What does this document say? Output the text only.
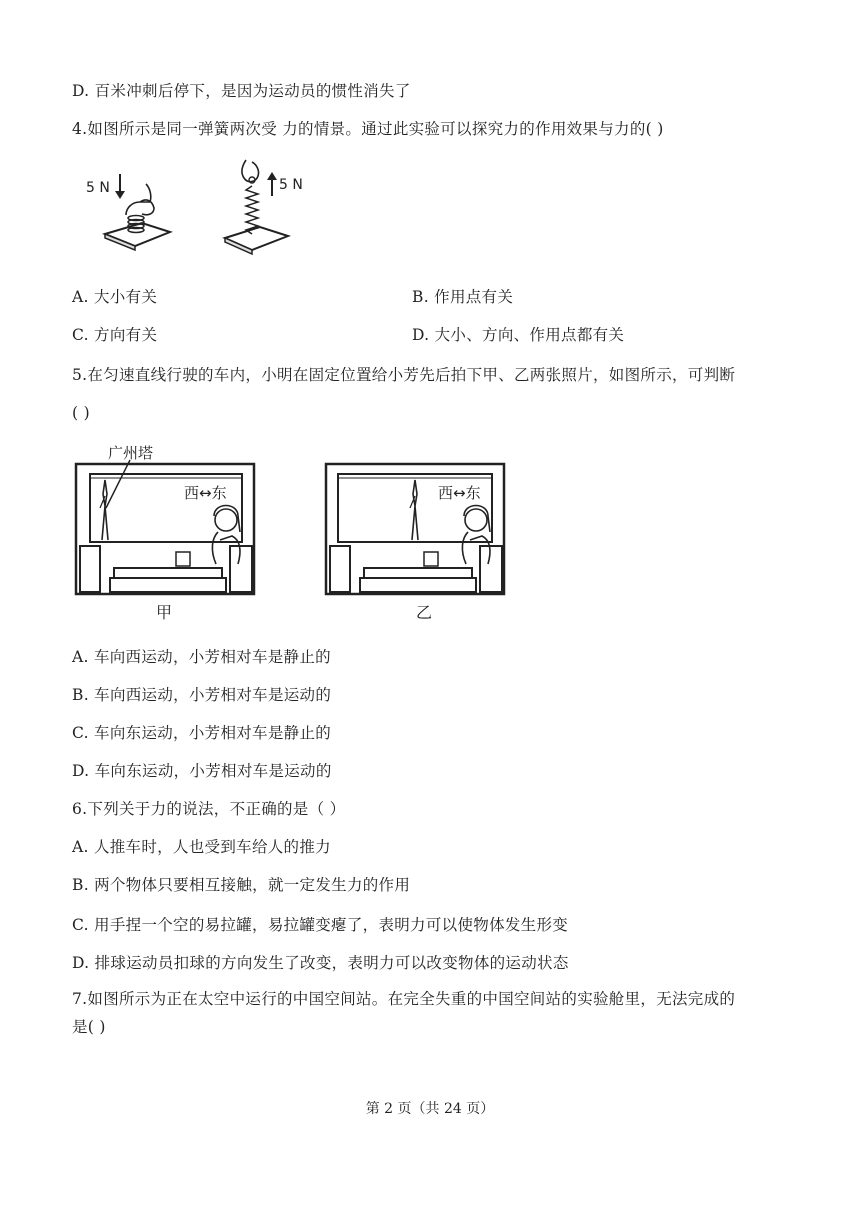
D. 百米冲刺后停下，是因为运动员的惯性消失了
4.如图所示是同一弹簧两次受 力的情景。通过此实验可以探究力的作用效果与力的( )
5 N	5 N
A. 大小有关	B. 作用点有关
C. 方向有关	D. 大小、方向、作用点都有关
5.在匀速直线行驶的车内，小明在固定位置给小芳先后拍下甲、乙两张照片，如图所示，可判断
( )
广州塔
西↔东	西↔东
甲	乙
A. 车向西运动，小芳相对车是静止的
B. 车向西运动，小芳相对车是运动的
C. 车向东运动，小芳相对车是静止的
D. 车向东运动，小芳相对车是运动的
6.下列关于力的说法，不正确的是（ ）
A. 人推车时，人也受到车给人的推力
B. 两个物体只要相互接触，就一定发生力的作用
C. 用手捏一个空的易拉罐，易拉罐变瘪了，表明力可以使物体发生形变
D. 排球运动员扣球的方向发生了改变，表明力可以改变物体的运动状态
7.如图所示为正在太空中运行的中国空间站。在完全失重的中国空间站的实验舱里，无法完成的
是( )
第 2 页（共 24 页）
